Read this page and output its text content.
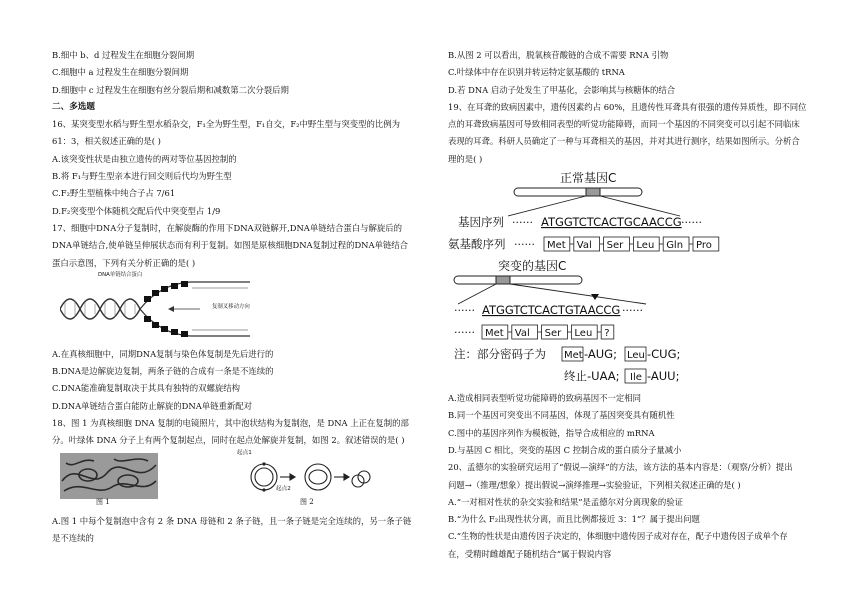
B.细中 b、d 过程发生在细胞分裂间期
C.细胞中 a 过程发生在细胞分裂间期
D.细胞中 c 过程发生在细胞有丝分裂后期和减数第二次分裂后期
二、多选题
16、某突变型水稻与野生型水稻杂交，F₁全为野生型，F₁自交，F₂中野生型与突变型的比例为
61：3，相关叙述正确的是( )
A.该突变性状是由独立遗传的两对等位基因控制的
B.将 F₁与野生型亲本进行回交则后代均为野生型
C.F₂野生型植株中纯合子占 7/61
D.F₂突变型个体随机交配后代中突变型占 1/9
17、细胞中DNA分子复制时，在解旋酶的作用下DNA双链解开,DNA单链结合蛋白与解旋后的
DNA单链结合,使单链呈伸展状态而有利于复制。如图是原核细胞DNA复制过程的DNA单链结合
蛋白示意图，下列有关分析正确的是( )
DNA单链结合蛋白
复制叉移动方向
A.在真核细胞中，同期DNA复制与染色体复制是先后进行的
B.DNA是边解旋边复制，两条子链的合成有一条是不连续的
C.DNA能准确复制取决于其具有独特的双螺旋结构
D.DNA单链结合蛋白能防止解旋的DNA单链重新配对
18、图 1 为真核细胞 DNA 复制的电镜照片，其中泡状结构为复制泡，是 DNA 上正在复制的部
分。叶绿体 DNA 分子上有两个复制起点，同时在起点处解旋并复制，如图 2。叙述错误的是( )
图 1	图 2
起点1
起点2
A.图 1 中每个复制泡中含有 2 条 DNA 母链和 2 条子链，且一条子链是完全连续的，另一条子链
是不连续的
B.从图 2 可以看出，脱氧核苷酸链的合成不需要 RNA 引物
C.叶绿体中存在识别并转运特定氨基酸的 tRNA
D.若 DNA 启动子处发生了甲基化，会影响其与核糖体的结合
19、在耳聋的致病因素中，遗传因素约占 60%，且遗传性耳聋具有很强的遗传异质性，即不同位
点的耳聋致病基因可导致相同表型的听觉功能障碍，而同一个基因的不同突变可以引起不同临床
表现的耳聋。科研人员确定了一种与耳聋相关的基因，并对其进行测序，结果如图所示。分析合
理的是( )
正常基因C
基因序列 ······ ATGGTCTCACTGCAACCG ······
氨基酸序列 ······ Met Val Ser Leu Gln Pro
突变的基因C
······ ATGGTCTCACTGTAACCG ······
······ Met Val Ser Leu ?
注：部分密码子为 Met -AUG; Leu -CUG;
终止-UAA; Ile -AUU;
A.造成相同表型听觉功能障碍的致病基因不一定相同
B.同一个基因可突变出不同基因，体现了基因突变具有随机性
C.图中的基因序列作为模板链，指导合成相应的 mRNA
D.与基因 C 相比，突变的基因 C 控制合成的蛋白质分子量减小
20、孟德尔的实验研究运用了“假说—演绎”的方法，该方法的基本内容是：（观察/分析）提出
问题→（推理/想象）提出假说→演绎推理→实验验证，下列相关叙述正确的是( )
A.“一对相对性状的杂交实验和结果”是孟德尔对分离现象的验证
B.“为什么 F₂出现性状分离，而且比例都接近 3：1”？属于提出问题
C.“生物的性状是由遗传因子决定的，体细胞中遗传因子成对存在，配子中遗传因子成单个存
在，受精时雌雄配子随机结合”属于假说内容
